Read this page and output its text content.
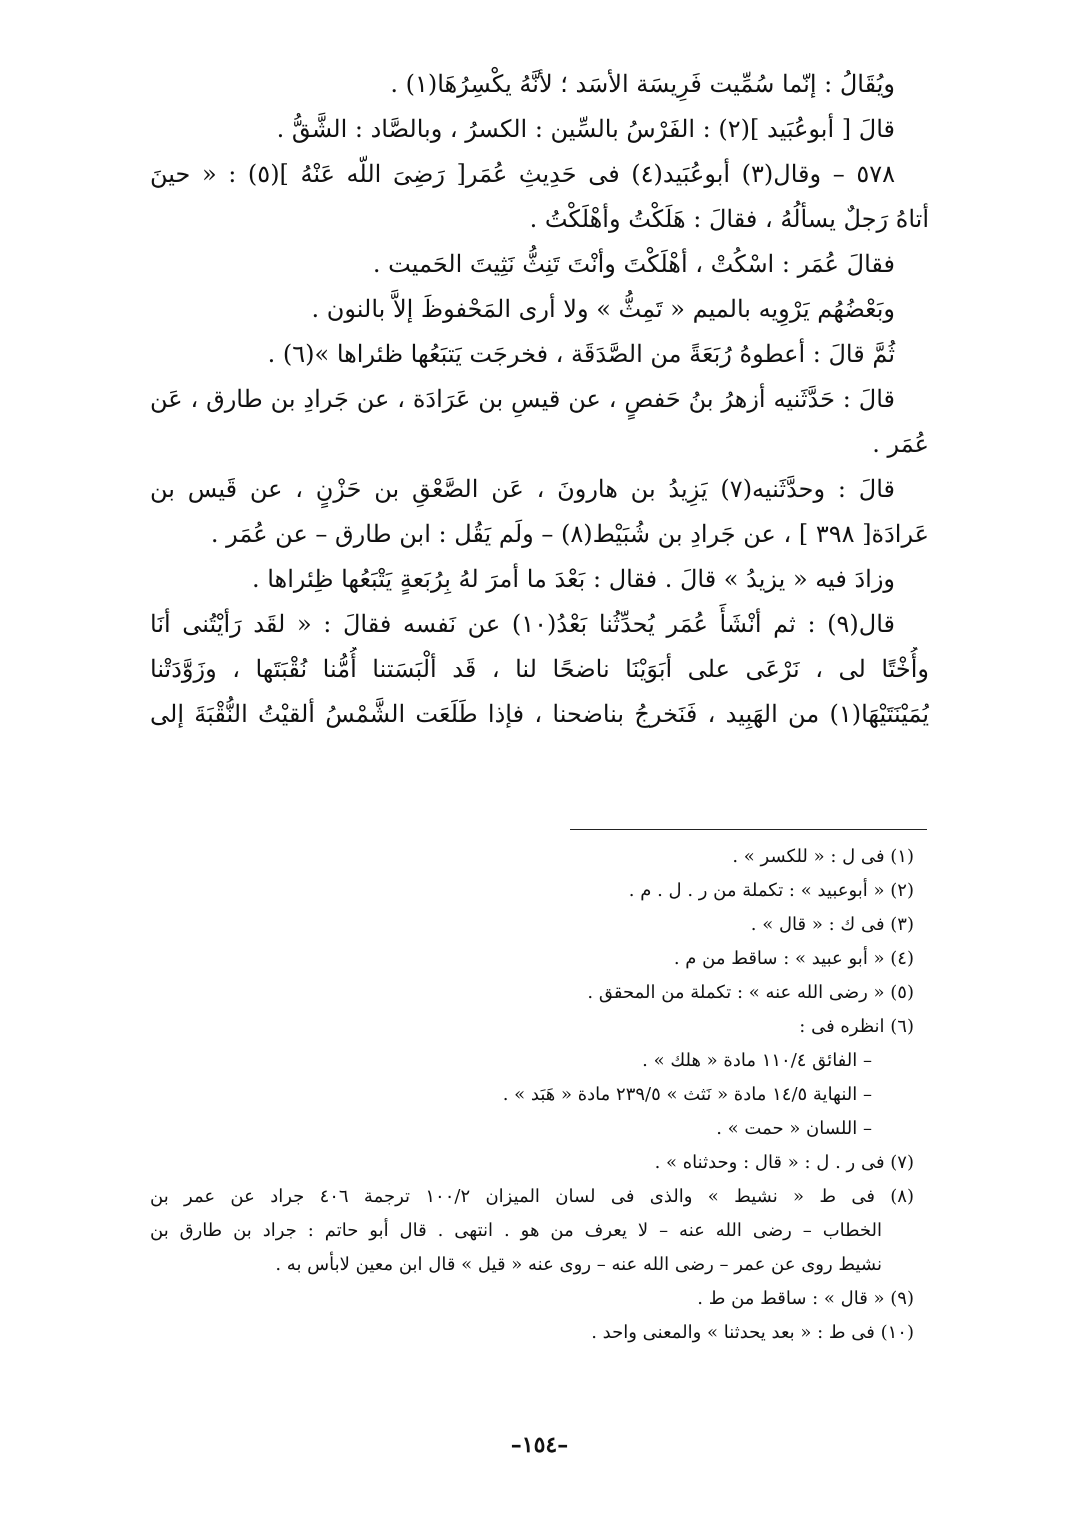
ويُقَالُ : إنّما سُمِّيت فَرِيسَة الأسَد ؛ لأنَّهُ يكْسِرُهَا(١) .
قالَ [ أبوعُبَيد ](٢) : الفَرْسُ بالسِّين : الكسرُ ، وبالصَّاد : الشَّقُّ .
٥٧٨ – وقال(٣) أبوعُبَيد(٤) فى حَدِيثِ عُمَر[ رَضِىَ اللّه عَنْهُ ](٥) : « حينَ
أتاهُ رَجلٌ يسألُهُ ، فقالَ : هَلَكْتُ وأهْلَكْتُ .
فقالَ عُمَر : اسْكُتْ ، أهْلَكْتَ وأنْتَ تَنِثُّ نَثِيتَ الحَميت .
وبَعْضُهُم يَرْوِيه بالميم « تَمِثُّ » ولا أرى المَحْفوظَ إلاَّ بالنون .
ثُمَّ قالَ : أعطوهُ رُبَعَةً من الصَّدَقَة ، فخرجَت يَتبَعُها ظئراها »(٦) .
قالَ : حَدَّثَنيه أزهرُ بنُ حَفصٍ ، عن قيسِ بن عَرَادَة ، عن جَرادِ بن طارق ، عَن
عُمَر .
قالَ : وحدَّثَنيه(٧) يَزِيدُ بن هارونَ ، عَن الصَّعْقِ بن حَزْنٍ ، عن قَيس بن
عَرادَة[ ٣٩٨ ] ، عن جَرادِ بن شُبَيْط(٨) – ولَم يَقُل : ابن طارق – عن عُمَر .
وزادَ فيه « يزيدُ » قالَ . فقال : بَعْدَ ما أمرَ لهُ بِرُبَعةٍ يَتْبَعُها ظِئراها .
قال(٩) : ثم أنْشَأَ عُمَر يُحدِّثُنا بَعْدُ(١٠) عن نَفسه فقالَ : « لقَد رَأيْتُنى أنَا
وأُخْتًا لى ، نَرْعَى على أبَوَيْنَا ناضحًا لنا ، قَد ألْبَسَتنا أُمُّنا نُقْبَتَها ، وزَوَّدَتْنا
يُمَيْنَتَيْهَا(١) من الهَبِيد ، فَنَخرجُ بناضحنا ، فإذا طَلَعَت الشَّمْسُ ألقيْتُ النُّقْبَةَ إلى
(١) فى ل : « للكسر » .
(٢) « أبوعبيد » : تكملة من ر . ل . م .
(٣) فى ك : « قال » .
(٤) « أبو عبيد » : ساقط من م .
(٥) « رضى الله عنه » : تكملة من المحقق .
(٦) انظره فى :
– الفائق ١١٠/٤ مادة « هلك » .
– النهاية ١٤/٥ مادة « نَثث » ٢٣٩/٥ مادة « هَبَد » .
– اللسان « حمت » .
(٧) فى ر . ل : « قال : وحدثناه » .
(٨) فى ط « نشيط » والذى فى لسان الميزان ١٠٠/٢ ترجمة ٤٠٦ جراد عن عمر بن
الخطاب – رضى الله عنه – لا يعرف من هو . انتهى . قال أبو حاتم : جراد بن طارق بن
نشيط روى عن عمر – رضى الله عنه – روى عنه « قيل » قال ابن معين لابأس به .
(٩) « قال » : ساقط من ط .
(١٠) فى ط : « بعد يحدثنا » والمعنى واحد .
–١٥٤–
